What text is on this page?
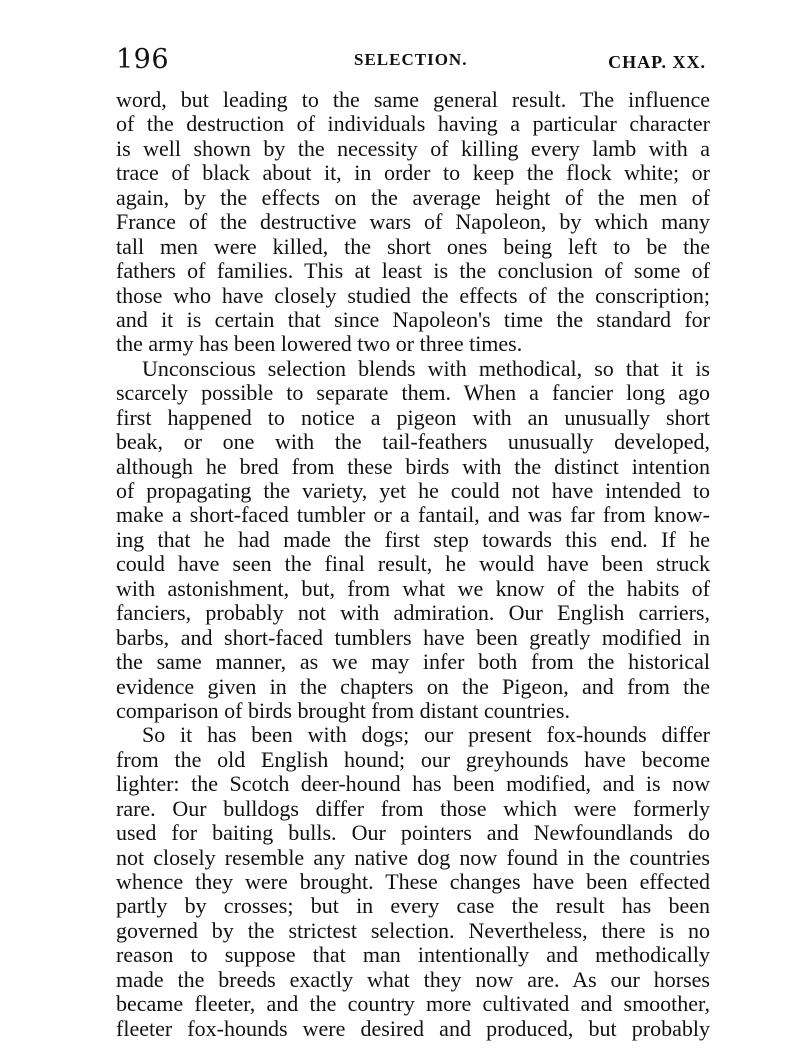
196	SELECTION.	CHAP. XX.
word, but leading to the same general result. The influence
of the destruction of individuals having a particular character
is well shown by the necessity of killing every lamb with a
trace of black about it, in order to keep the flock white; or
again, by the effects on the average height of the men of
France of the destructive wars of Napoleon, by which many
tall men were killed, the short ones being left to be the
fathers of families. This at least is the conclusion of some of
those who have closely studied the effects of the conscription;
and it is certain that since Napoleon's time the standard for
the army has been lowered two or three times.
Unconscious selection blends with methodical, so that it is
scarcely possible to separate them. When a fancier long ago
first happened to notice a pigeon with an unusually short
beak, or one with the tail-feathers unusually developed,
although he bred from these birds with the distinct intention
of propagating the variety, yet he could not have intended to
make a short-faced tumbler or a fantail, and was far from know-
ing that he had made the first step towards this end. If he
could have seen the final result, he would have been struck
with astonishment, but, from what we know of the habits of
fanciers, probably not with admiration. Our English carriers,
barbs, and short-faced tumblers have been greatly modified in
the same manner, as we may infer both from the historical
evidence given in the chapters on the Pigeon, and from the
comparison of birds brought from distant countries.
So it has been with dogs; our present fox-hounds differ
from the old English hound; our greyhounds have become
lighter: the Scotch deer-hound has been modified, and is now
rare. Our bulldogs differ from those which were formerly
used for baiting bulls. Our pointers and Newfoundlands do
not closely resemble any native dog now found in the countries
whence they were brought. These changes have been effected
partly by crosses; but in every case the result has been
governed by the strictest selection. Nevertheless, there is no
reason to suppose that man intentionally and methodically
made the breeds exactly what they now are. As our horses
became fleeter, and the country more cultivated and smoother,
fleeter fox-hounds were desired and produced, but probably
